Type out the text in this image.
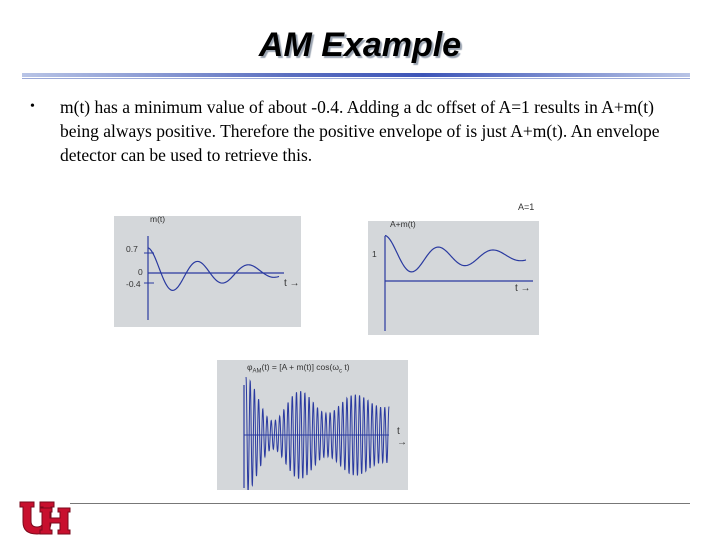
AM Example
• m(t) has a minimum value of about -0.4. Adding a dc offset of A=1 results in A+m(t) being always positive. Therefore the positive envelope of is just A+m(t). An envelope detector can be used to retrieve this.
m(t)
0.7
0
-0.4	t →
A=1
A+m(t)
1
t →
$\varphi_{AM}(t) = [A + m(t)]$ $\cos(\omega_c$ t)
t →
